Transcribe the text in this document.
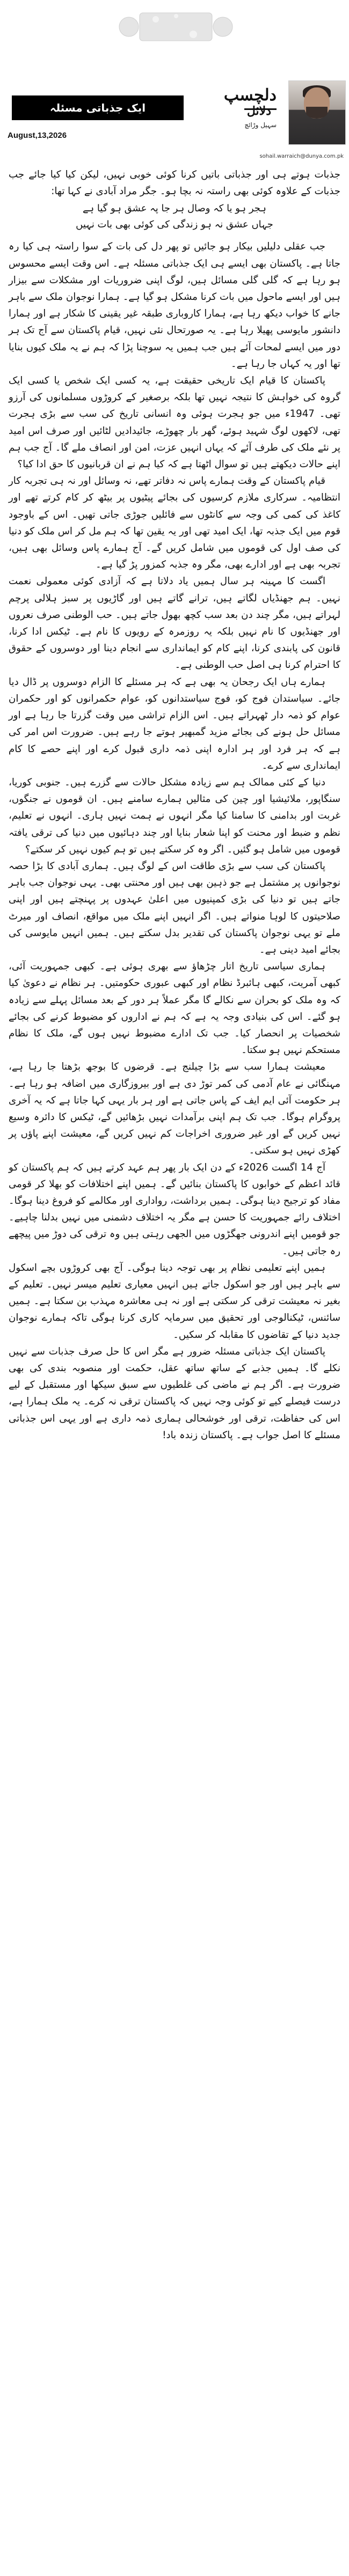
دلچسپ
دلائل
سہیل وڑائچ
sohail.warraich@dunya.com.pk
ایک جذباتی مسئلہ
August,13,2026

جذبات ہوتے ہی اور جذباتی باتیں کرنا کوئی خوبی نہیں، لیکن کیا کیا جائے جب جذبات کے علاوہ کوئی بھی راستہ نہ بچا ہو۔ جگر مراد آبادی نے کہا تھا:

ہجر ہو یا کہ وصال ہر جا پہ عشق ہو گیا ہے
جہاں عشق نہ ہو زندگی کی کوئی بھی بات نہیں

جب عقلی دلیلیں بیکار ہو جائیں تو پھر دل کی بات کے سوا راستہ ہی کیا رہ جاتا ہے۔ پاکستان بھی ایسے ہی ایک جذباتی مسئلہ ہے۔ اس وقت ایسے محسوس ہو رہا ہے کہ گلی گلی مسائل ہیں، لوگ اپنی ضروریات اور مشکلات سے بیزار ہیں اور ایسے ماحول میں بات کرنا مشکل ہو گیا ہے۔ ہمارا نوجوان ملک سے باہر جانے کا خواب دیکھ رہا ہے، ہمارا کاروباری طبقہ غیر یقینی کا شکار ہے اور ہمارا دانشور مایوسی پھیلا رہا ہے۔ یہ صورتحال نئی نہیں، قیام پاکستان سے آج تک ہر دور میں ایسے لمحات آئے ہیں جب ہمیں یہ سوچنا پڑا کہ ہم نے یہ ملک کیوں بنایا تھا اور یہ کہاں جا رہا ہے۔

پاکستان کا قیام ایک تاریخی حقیقت ہے، یہ کسی ایک شخص یا کسی ایک گروہ کی خواہش کا نتیجہ نہیں تھا بلکہ برصغیر کے کروڑوں مسلمانوں کی آرزو تھی۔ 1947ء میں جو ہجرت ہوئی وہ انسانی تاریخ کی سب سے بڑی ہجرت تھی، لاکھوں لوگ شہید ہوئے، گھر بار چھوڑے، جائیدادیں لٹائیں اور صرف اس امید پر نئے ملک کی طرف آئے کہ یہاں انہیں عزت، امن اور انصاف ملے گا۔ آج جب ہم اپنے حالات دیکھتے ہیں تو سوال اٹھتا ہے کہ کیا ہم نے ان قربانیوں کا حق ادا کیا؟

قیام پاکستان کے وقت ہمارے پاس نہ دفاتر تھے، نہ وسائل اور نہ ہی تجربہ کار انتظامیہ۔ سرکاری ملازم کرسیوں کی بجائے پیٹیوں پر بیٹھ کر کام کرتے تھے اور کاغذ کی کمی کی وجہ سے کانٹوں سے فائلیں جوڑی جاتی تھیں۔ اس کے باوجود قوم میں ایک جذبہ تھا، ایک امید تھی اور یہ یقین تھا کہ ہم مل کر اس ملک کو دنیا کی صف اول کی قوموں میں شامل کریں گے۔ آج ہمارے پاس وسائل بھی ہیں، تجربہ بھی ہے اور ادارے بھی، مگر وہ جذبہ کمزور پڑ گیا ہے۔

اگست کا مہینہ ہر سال ہمیں یاد دلاتا ہے کہ آزادی کوئی معمولی نعمت نہیں۔ ہم جھنڈیاں لگاتے ہیں، ترانے گاتے ہیں اور گاڑیوں پر سبز ہلالی پرچم لہراتے ہیں، مگر چند دن بعد سب کچھ بھول جاتے ہیں۔ حب الوطنی صرف نعروں اور جھنڈیوں کا نام نہیں بلکہ یہ روزمرہ کے رویوں کا نام ہے۔ ٹیکس ادا کرنا، قانون کی پابندی کرنا، اپنے کام کو ایمانداری سے انجام دینا اور دوسروں کے حقوق کا احترام کرنا ہی اصل حب الوطنی ہے۔

ہمارے ہاں ایک رجحان یہ بھی ہے کہ ہر مسئلے کا الزام دوسروں پر ڈال دیا جائے۔ سیاستدان فوج کو، فوج سیاستدانوں کو، عوام حکمرانوں کو اور حکمران عوام کو ذمہ دار ٹھہراتے ہیں۔ اس الزام تراشی میں وقت گزرتا جا رہا ہے اور مسائل حل ہونے کی بجائے مزید گمبھیر ہوتے جا رہے ہیں۔ ضرورت اس امر کی ہے کہ ہر فرد اور ہر ادارہ اپنی ذمہ داری قبول کرے اور اپنے حصے کا کام ایمانداری سے کرے۔

دنیا کے کئی ممالک ہم سے زیادہ مشکل حالات سے گزرے ہیں۔ جنوبی کوریا، سنگاپور، ملائیشیا اور چین کی مثالیں ہمارے سامنے ہیں۔ ان قوموں نے جنگوں، غربت اور بدامنی کا سامنا کیا مگر انہوں نے ہمت نہیں ہاری۔ انہوں نے تعلیم، نظم و ضبط اور محنت کو اپنا شعار بنایا اور چند دہائیوں میں دنیا کی ترقی یافتہ قوموں میں شامل ہو گئیں۔ اگر وہ کر سکتے ہیں تو ہم کیوں نہیں کر سکتے؟

پاکستان کی سب سے بڑی طاقت اس کے لوگ ہیں۔ ہماری آبادی کا بڑا حصہ نوجوانوں پر مشتمل ہے جو ذہین بھی ہیں اور محنتی بھی۔ یہی نوجوان جب باہر جاتے ہیں تو دنیا کی بڑی کمپنیوں میں اعلیٰ عہدوں پر پہنچتے ہیں اور اپنی صلاحیتوں کا لوہا منواتے ہیں۔ اگر انہیں اپنے ملک میں مواقع، انصاف اور میرٹ ملے تو یہی نوجوان پاکستان کی تقدیر بدل سکتے ہیں۔ ہمیں انہیں مایوسی کی بجائے امید دینی ہے۔

ہماری سیاسی تاریخ اتار چڑھاؤ سے بھری ہوئی ہے۔ کبھی جمہوریت آئی، کبھی آمریت، کبھی ہائبرڈ نظام اور کبھی عبوری حکومتیں۔ ہر نظام نے دعویٰ کیا کہ وہ ملک کو بحران سے نکالے گا مگر عملاً ہر دور کے بعد مسائل پہلے سے زیادہ ہو گئے۔ اس کی بنیادی وجہ یہ ہے کہ ہم نے اداروں کو مضبوط کرنے کی بجائے شخصیات پر انحصار کیا۔ جب تک ادارے مضبوط نہیں ہوں گے، ملک کا نظام مستحکم نہیں ہو سکتا۔

معیشت ہمارا سب سے بڑا چیلنج ہے۔ قرضوں کا بوجھ بڑھتا جا رہا ہے، مہنگائی نے عام آدمی کی کمر توڑ دی ہے اور بیروزگاری میں اضافہ ہو رہا ہے۔ ہر حکومت آئی ایم ایف کے پاس جاتی ہے اور ہر بار یہی کہا جاتا ہے کہ یہ آخری پروگرام ہوگا۔ جب تک ہم اپنی برآمدات نہیں بڑھائیں گے، ٹیکس کا دائرہ وسیع نہیں کریں گے اور غیر ضروری اخراجات کم نہیں کریں گے، معیشت اپنے پاؤں پر کھڑی نہیں ہو سکتی۔

آج 14 اگست 2026ء کے دن ایک بار پھر ہم عہد کرتے ہیں کہ ہم پاکستان کو قائد اعظم کے خوابوں کا پاکستان بنائیں گے۔ ہمیں اپنے اختلافات کو بھلا کر قومی مفاد کو ترجیح دینا ہوگی۔ ہمیں برداشت، رواداری اور مکالمے کو فروغ دینا ہوگا۔ اختلاف رائے جمہوریت کا حسن ہے مگر یہ اختلاف دشمنی میں نہیں بدلنا چاہیے۔ جو قومیں اپنے اندرونی جھگڑوں میں الجھی رہتی ہیں وہ ترقی کی دوڑ میں پیچھے رہ جاتی ہیں۔

ہمیں اپنے تعلیمی نظام پر بھی توجہ دینا ہوگی۔ آج بھی کروڑوں بچے اسکول سے باہر ہیں اور جو اسکول جاتے ہیں انہیں معیاری تعلیم میسر نہیں۔ تعلیم کے بغیر نہ معیشت ترقی کر سکتی ہے اور نہ ہی معاشرہ مہذب بن سکتا ہے۔ ہمیں سائنس، ٹیکنالوجی اور تحقیق میں سرمایہ کاری کرنا ہوگی تاکہ ہمارے نوجوان جدید دنیا کے تقاضوں کا مقابلہ کر سکیں۔

پاکستان ایک جذباتی مسئلہ ضرور ہے مگر اس کا حل صرف جذبات سے نہیں نکلے گا۔ ہمیں جذبے کے ساتھ ساتھ عقل، حکمت اور منصوبہ بندی کی بھی ضرورت ہے۔ اگر ہم نے ماضی کی غلطیوں سے سبق سیکھا اور مستقبل کے لیے درست فیصلے کیے تو کوئی وجہ نہیں کہ پاکستان ترقی نہ کرے۔ یہ ملک ہمارا ہے، اس کی حفاظت، ترقی اور خوشحالی ہماری ذمہ داری ہے اور یہی اس جذباتی مسئلے کا اصل جواب ہے۔ پاکستان زندہ باد!
